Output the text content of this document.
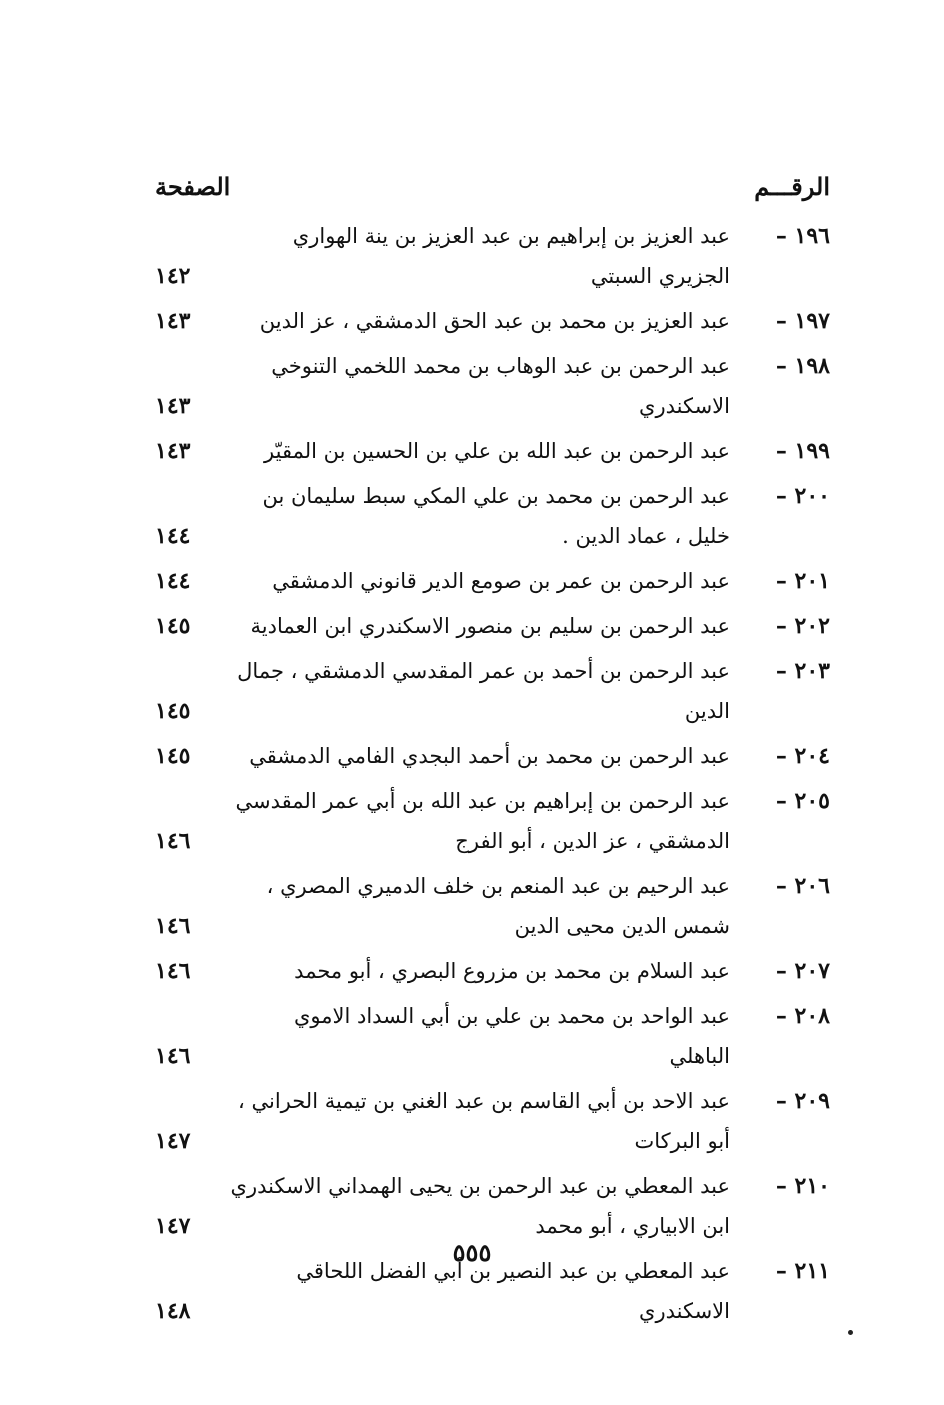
الرقـــم
الصفحة
١٩٦ –
عبد العزيز بن إبراهيم بن عبد العزيز بن ينة الهواري الجزيري السبتي
١٤٢
١٩٧ –
عبد العزيز بن محمد بن عبد الحق الدمشقي ، عز الدين
١٤٣
١٩٨ –
عبد الرحمن بن عبد الوهاب بن محمد اللخمي التنوخي الاسكندري
١٤٣
١٩٩ –
عبد الرحمن بن عبد الله بن علي بن الحسين بن المقيّر
١٤٣
٢٠٠ –
عبد الرحمن بن محمد بن علي المكي سبط سليمان بن خليل ، عماد الدين .
١٤٤
٢٠١ –
عبد الرحمن بن عمر بن صومع الدير قانوني الدمشقي
١٤٤
٢٠٢ –
عبد الرحمن بن سليم بن منصور الاسكندري ابن العمادية
١٤٥
٢٠٣ –
عبد الرحمن بن أحمد بن عمر المقدسي الدمشقي ، جمال الدين
١٤٥
٢٠٤ –
عبد الرحمن بن محمد بن أحمد البجدي الفامي الدمشقي
١٤٥
٢٠٥ –
عبد الرحمن بن إبراهيم بن عبد الله بن أبي عمر المقدسي الدمشقي ، عز الدين ، أبو الفرج
١٤٦
٢٠٦ –
عبد الرحيم بن عبد المنعم بن خلف الدميري المصري ، شمس الدين محيى الدين
١٤٦
٢٠٧ –
عبد السلام بن محمد بن مزروع البصري ، أبو محمد
١٤٦
٢٠٨ –
عبد الواحد بن محمد بن علي بن أبي السداد الاموي الباهلي
١٤٦
٢٠٩ –
عبد الاحد بن أبي القاسم بن عبد الغني بن تيمية الحراني ، أبو البركات
١٤٧
٢١٠ –
عبد المعطي بن عبد الرحمن بن يحيى الهمداني الاسكندري ابن الابياري ، أبو محمد
١٤٧
٢١١ –
عبد المعطي بن عبد النصير بن أبي الفضل اللحاقي الاسكندري
١٤٨
٥٥٥
